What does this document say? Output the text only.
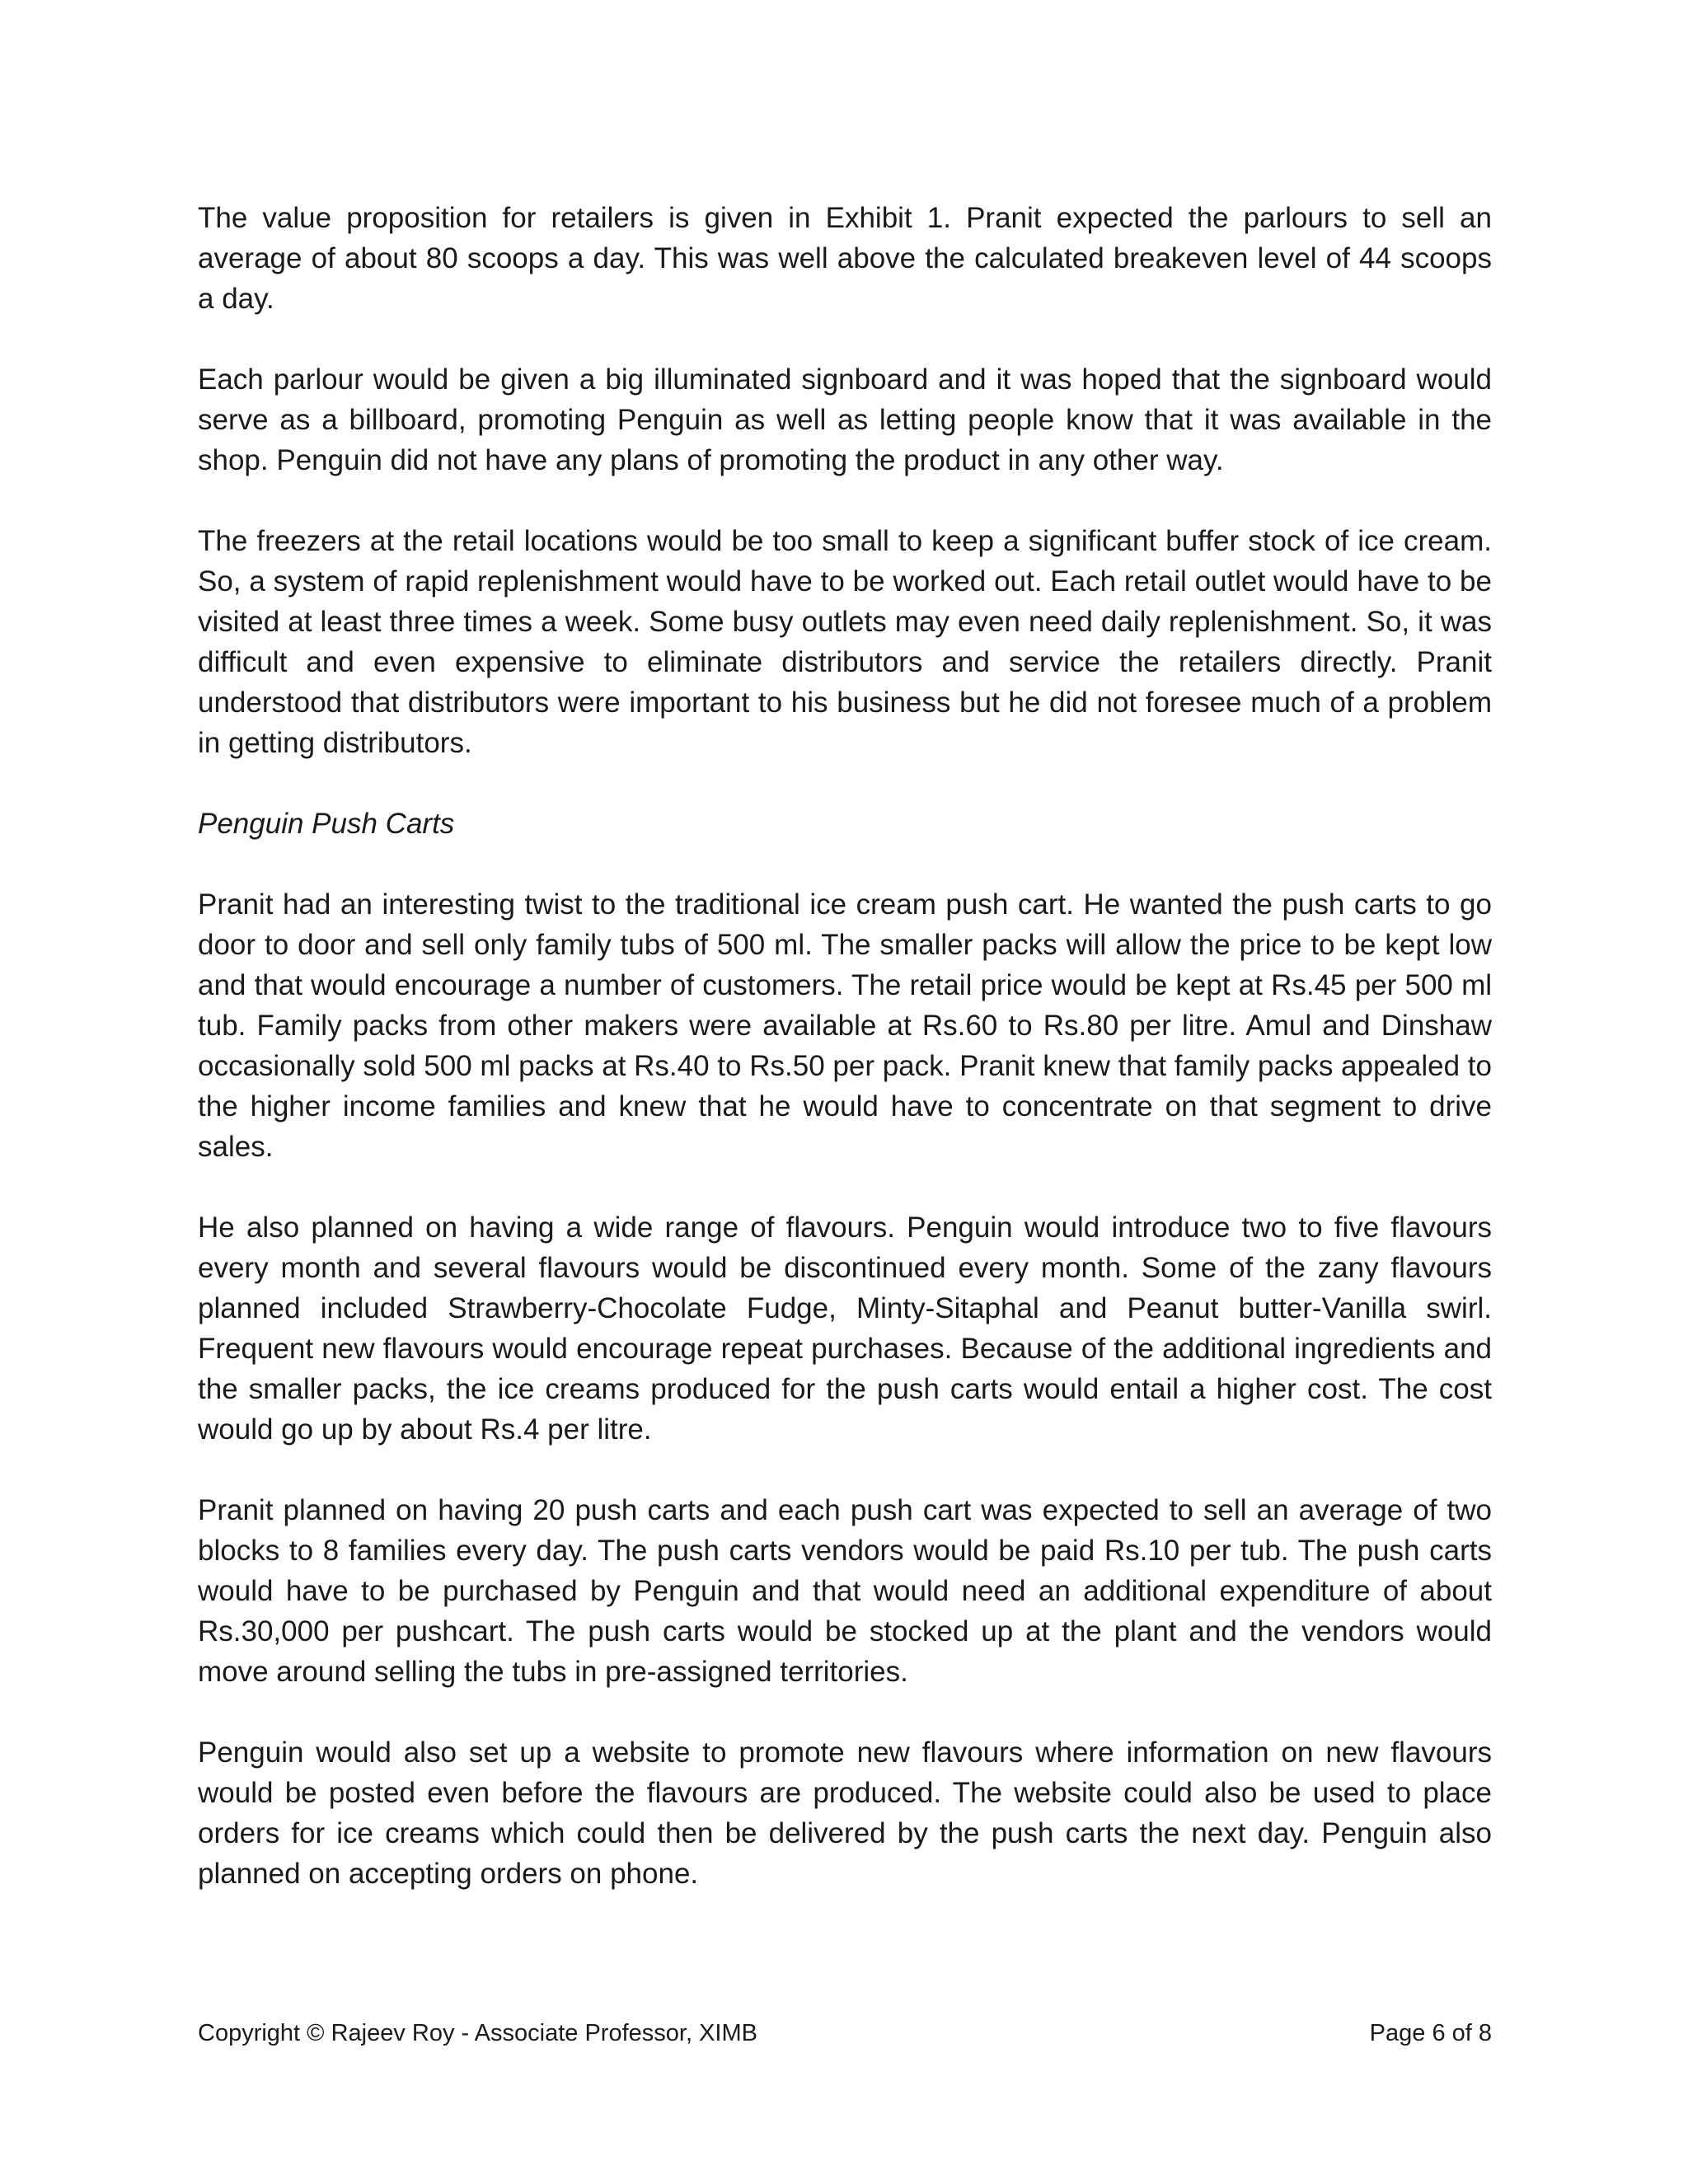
The value proposition for retailers is given in Exhibit 1. Pranit expected the parlours to sell an average of about 80 scoops a day. This was well above the calculated breakeven level of 44 scoops a day.

Each parlour would be given a big illuminated signboard and it was hoped that the signboard would serve as a billboard, promoting Penguin as well as letting people know that it was available in the shop. Penguin did not have any plans of promoting the product in any other way.

The freezers at the retail locations would be too small to keep a significant buffer stock of ice cream. So, a system of rapid replenishment would have to be worked out. Each retail outlet would have to be visited at least three times a week. Some busy outlets may even need daily replenishment. So, it was difficult and even expensive to eliminate distributors and service the retailers directly. Pranit understood that distributors were important to his business but he did not foresee much of a problem in getting distributors.

Penguin Push Carts

Pranit had an interesting twist to the traditional ice cream push cart. He wanted the push carts to go door to door and sell only family tubs of 500 ml. The smaller packs will allow the price to be kept low and that would encourage a number of customers. The retail price would be kept at Rs.45 per 500 ml tub. Family packs from other makers were available at Rs.60 to Rs.80 per litre. Amul and Dinshaw occasionally sold 500 ml packs at Rs.40 to Rs.50 per pack. Pranit knew that family packs appealed to the higher income families and knew that he would have to concentrate on that segment to drive sales.

He also planned on having a wide range of flavours. Penguin would introduce two to five flavours every month and several flavours would be discontinued every month. Some of the zany flavours planned included Strawberry-Chocolate Fudge, Minty-Sitaphal and Peanut butter-Vanilla swirl. Frequent new flavours would encourage repeat purchases. Because of the additional ingredients and the smaller packs, the ice creams produced for the push carts would entail a higher cost. The cost would go up by about Rs.4 per litre.

Pranit planned on having 20 push carts and each push cart was expected to sell an average of two blocks to 8 families every day. The push carts vendors would be paid Rs.10 per tub. The push carts would have to be purchased by Penguin and that would need an additional expenditure of about Rs.30,000 per pushcart. The push carts would be stocked up at the plant and the vendors would move around selling the tubs in pre-assigned territories.

Penguin would also set up a website to promote new flavours where information on new flavours would be posted even before the flavours are produced. The website could also be used to place orders for ice creams which could then be delivered by the push carts the next day. Penguin also planned on accepting orders on phone.

Copyright © Rajeev Roy - Associate Professor, XIMB	Page 6 of 8
